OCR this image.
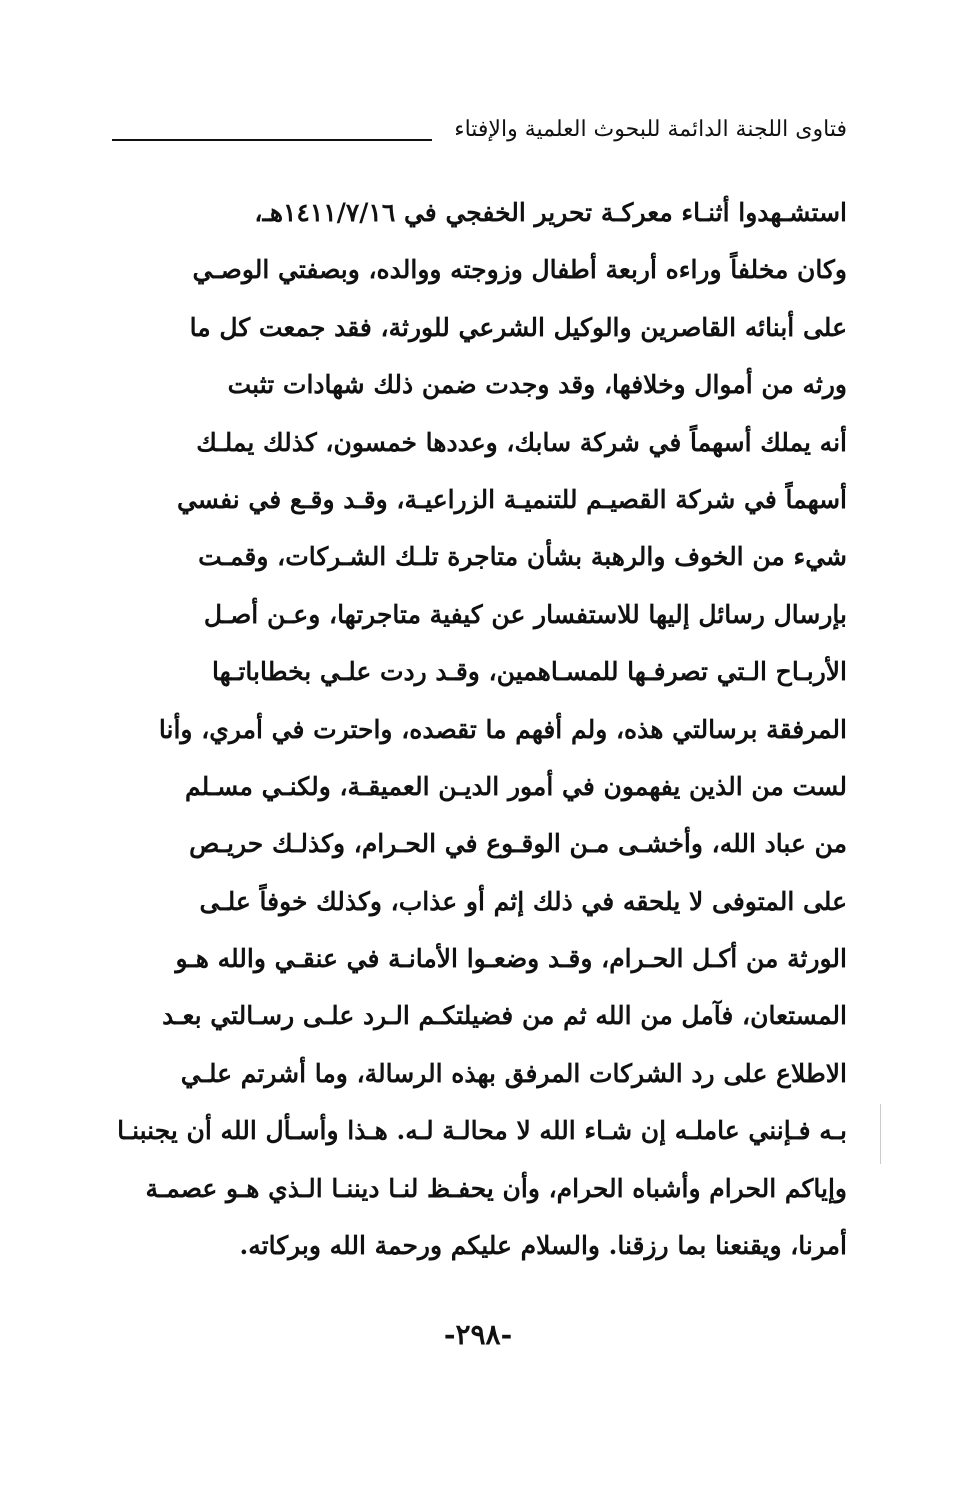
فتاوى اللجنة الدائمة للبحوث العلمية والإفتاء
استشـهدوا أثنـاء معركـة تحرير الخفجي في ١٤١١/٧/١٦هـ،
وكان مخلفاً وراءه أربعة أطفال وزوجته ووالده، وبصفتي الوصـي
على أبنائه القاصرين والوكيل الشرعي للورثة، فقد جمعت كل ما
ورثه من أموال وخلافها، وقد وجدت ضمن ذلك شهادات تثبت
أنه يملك أسهماً في شركة سابك، وعددها خمسون، كذلك يملـك
أسهماً في شركة القصيـم للتنميـة الزراعيـة، وقـد وقـع في نفسي
شيء من الخوف والرهبة بشأن متاجرة تلـك الشـركات، وقمـت
بإرسال رسائل إليها للاستفسار عن كيفية متاجرتها، وعـن أصـل
الأربـاح الـتي تصرفـها للمسـاهمين، وقـد ردت علـي بخطاباتـها
المرفقة برسالتي هذه، ولم أفهم ما تقصده، واحترت في أمري، وأنا
لست من الذين يفهمون في أمور الديـن العميقـة، ولكنـي مسـلم
من عباد الله، وأخشـى مـن الوقـوع في الحـرام، وكذلـك حريـص
على المتوفى لا يلحقه في ذلك إثم أو عذاب، وكذلك خوفاً علـى
الورثة من أكـل الحـرام، وقـد وضعـوا الأمانـة في عنقـي والله هـو
المستعان، فآمل من الله ثم من فضيلتكـم الـرد علـى رسـالتي بعـد
الاطلاع على رد الشركات المرفق بهذه الرسالة، وما أشرتم علـي
بـه فـإنني عاملـه إن شـاء الله لا محالـة لـه. هـذا وأسـأل الله أن يجنبنـا
وإياكم الحرام وأشباه الحرام، وأن يحفـظ لنـا ديننـا الـذي هـو عصمـة
أمرنا، ويقنعنا بما رزقنا. والسلام عليكم ورحمة الله وبركاته.
-٢٩٨-
